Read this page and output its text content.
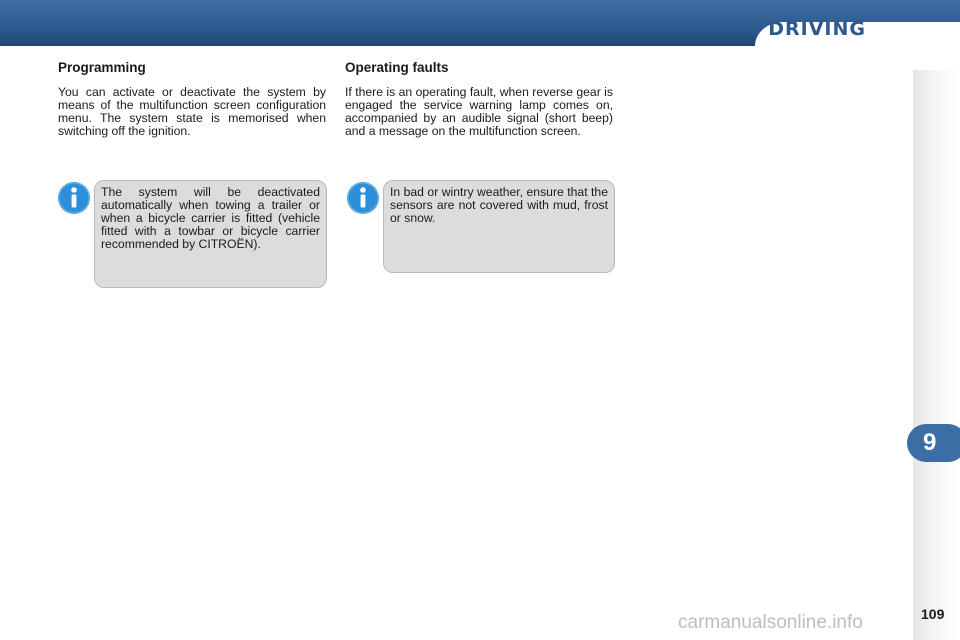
DRIVING
9
Programming

You can activate or deactivate the system by means of the multifunction screen configuration menu. The system state is memorised when switching off the ignition.

Operating faults

If there is an operating fault, when reverse gear is engaged the service warning lamp comes on, accompanied by an audible signal (short beep) and a message on the multifunction screen.

The system will be deactivated automatically when towing a trailer or when a bicycle carrier is fitted (vehicle fitted with a towbar or bicycle carrier recommended by CITROËN).
In bad or wintry weather, ensure that the sensors are not covered with mud, frost or snow.
109
carmanualsonline.info
